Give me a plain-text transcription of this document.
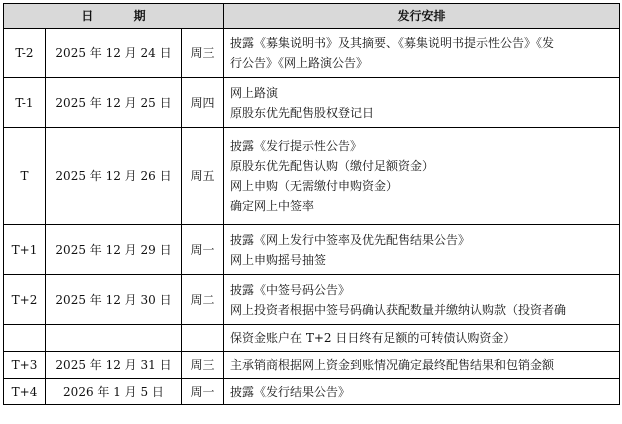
日 期			发行安排
T-2	2025 年 12 月 24 日	周三	披露《募集说明书》及其摘要、《募集说明书提示性公告》《发
行公告》《网上路演公告》

T-1	2025 年 12 月 25 日	周四	网上路演
原股东优先配售股权登记日

T	2025 年 12 月 26 日	周五	披露《发行提示性公告》
原股东优先配售认购（缴付足额资金）
网上申购（无需缴付申购资金）
确定网上中签率

T+1	2025 年 12 月 29 日	周一	披露《网上发行中签率及优先配售结果公告》
网上申购摇号抽签

T+2	2025 年 12 月 30 日	周二	披露《中签号码公告》
网上投资者根据中签号码确认获配数量并缴纳认购款（投资者确

			保资金账户在 T+2 日日终有足额的可转债认购资金）

T+3	2025 年 12 月 31 日	周三	主承销商根据网上资金到账情况确定最终配售结果和包销金额

T+4	2026 年 1 月 5 日	周一	披露《发行结果公告》
